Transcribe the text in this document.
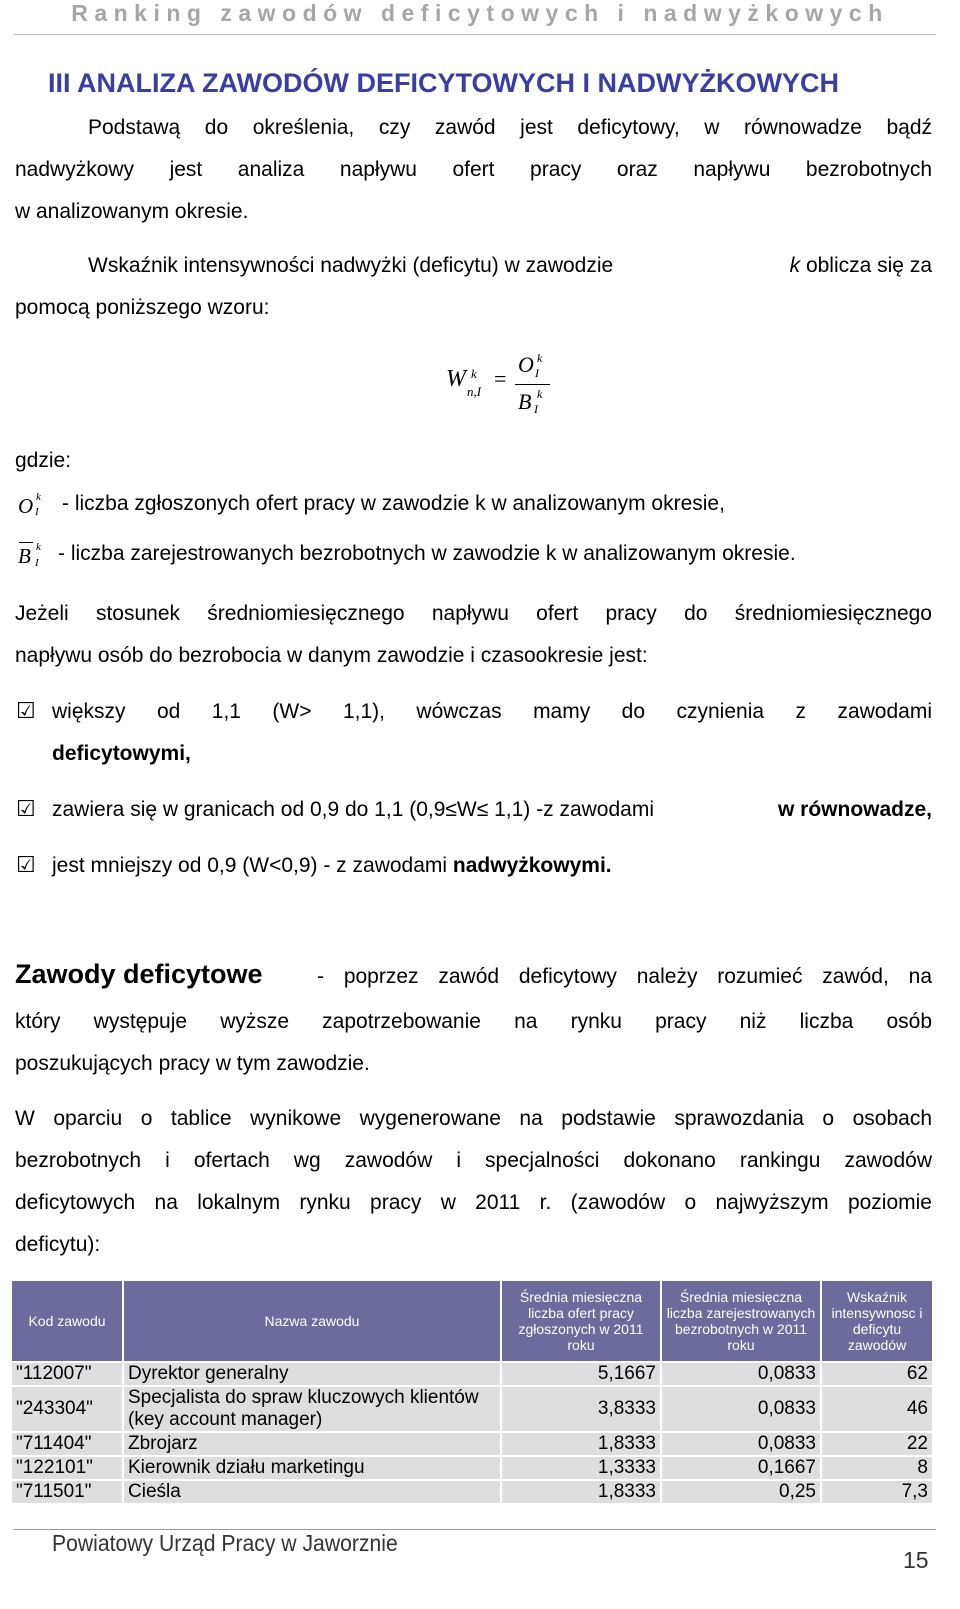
Ranking zawodów deficytowych i nadwyżkowych
III ANALIZA ZAWODÓW DEFICYTOWYCH I NADWYŻKOWYCH
Podstawą do określenia, czy zawód jest deficytowy, w równowadze bądź
nadwyżkowy jest analiza napływu ofert pracy oraz napływu bezrobotnych
w analizowanym okresie.
Wskaźnik intensywności nadwyżki (deficytu) w zawodzie	k oblicza się za
pomocą poniższego wzoru:
W k
n,I
=
O k
I
B k
I
gdzie:
O k
I - liczba zgłoszonych ofert pracy w zawodzie k w analizowanym okresie,
B k
I - liczba zarejestrowanych bezrobotnych w zawodzie k w analizowanym okresie.
Jeżeli stosunek średniomiesięcznego napływu ofert pracy do średniomiesięcznego
napływu osób do bezrobocia w danym zawodzie i czasookresie jest:
☑ większy od 1,1 (W> 1,1), wówczas mamy do czynienia z zawodami
deficytowymi,
☑ zawiera się w granicach od 0,9 do 1,1 (0,9≤W≤ 1,1) -z zawodami	w równowadze,
☑ jest mniejszy od 0,9 (W<0,9) - z zawodami nadwyżkowymi.
Zawody deficytowe	- poprzez zawód deficytowy należy rozumieć zawód, na
który występuje wyższe zapotrzebowanie na rynku pracy niż liczba osób
poszukujących pracy w tym zawodzie.
W oparciu o tablice wynikowe wygenerowane na podstawie sprawozdania o osobach
bezrobotnych i ofertach wg zawodów i specjalności dokonano rankingu zawodów
deficytowych na lokalnym rynku pracy w 2011 r. (zawodów o najwyższym poziomie
deficytu):
Kod zawodu	Nazwa zawodu	Średnia miesięczna liczba ofert pracy zgłoszonych w 2011 roku	Średnia miesięczna liczba zarejestrowanych bezrobotnych w 2011 roku	Wskaźnik intensywnosc i deficytu zawodów
"112007"	Dyrektor generalny	5,1667	0,0833	62
"243304"	Specjalista do spraw kluczowych klientów (key account manager)	3,8333	0,0833	46
"711404"	Zbrojarz	1,8333	0,0833	22
"122101"	Kierownik działu marketingu	1,3333	0,1667	8
"711501"	Cieśla	1,8333	0,25	7,3
Powiatowy Urząd Pracy w Jaworznie
15
